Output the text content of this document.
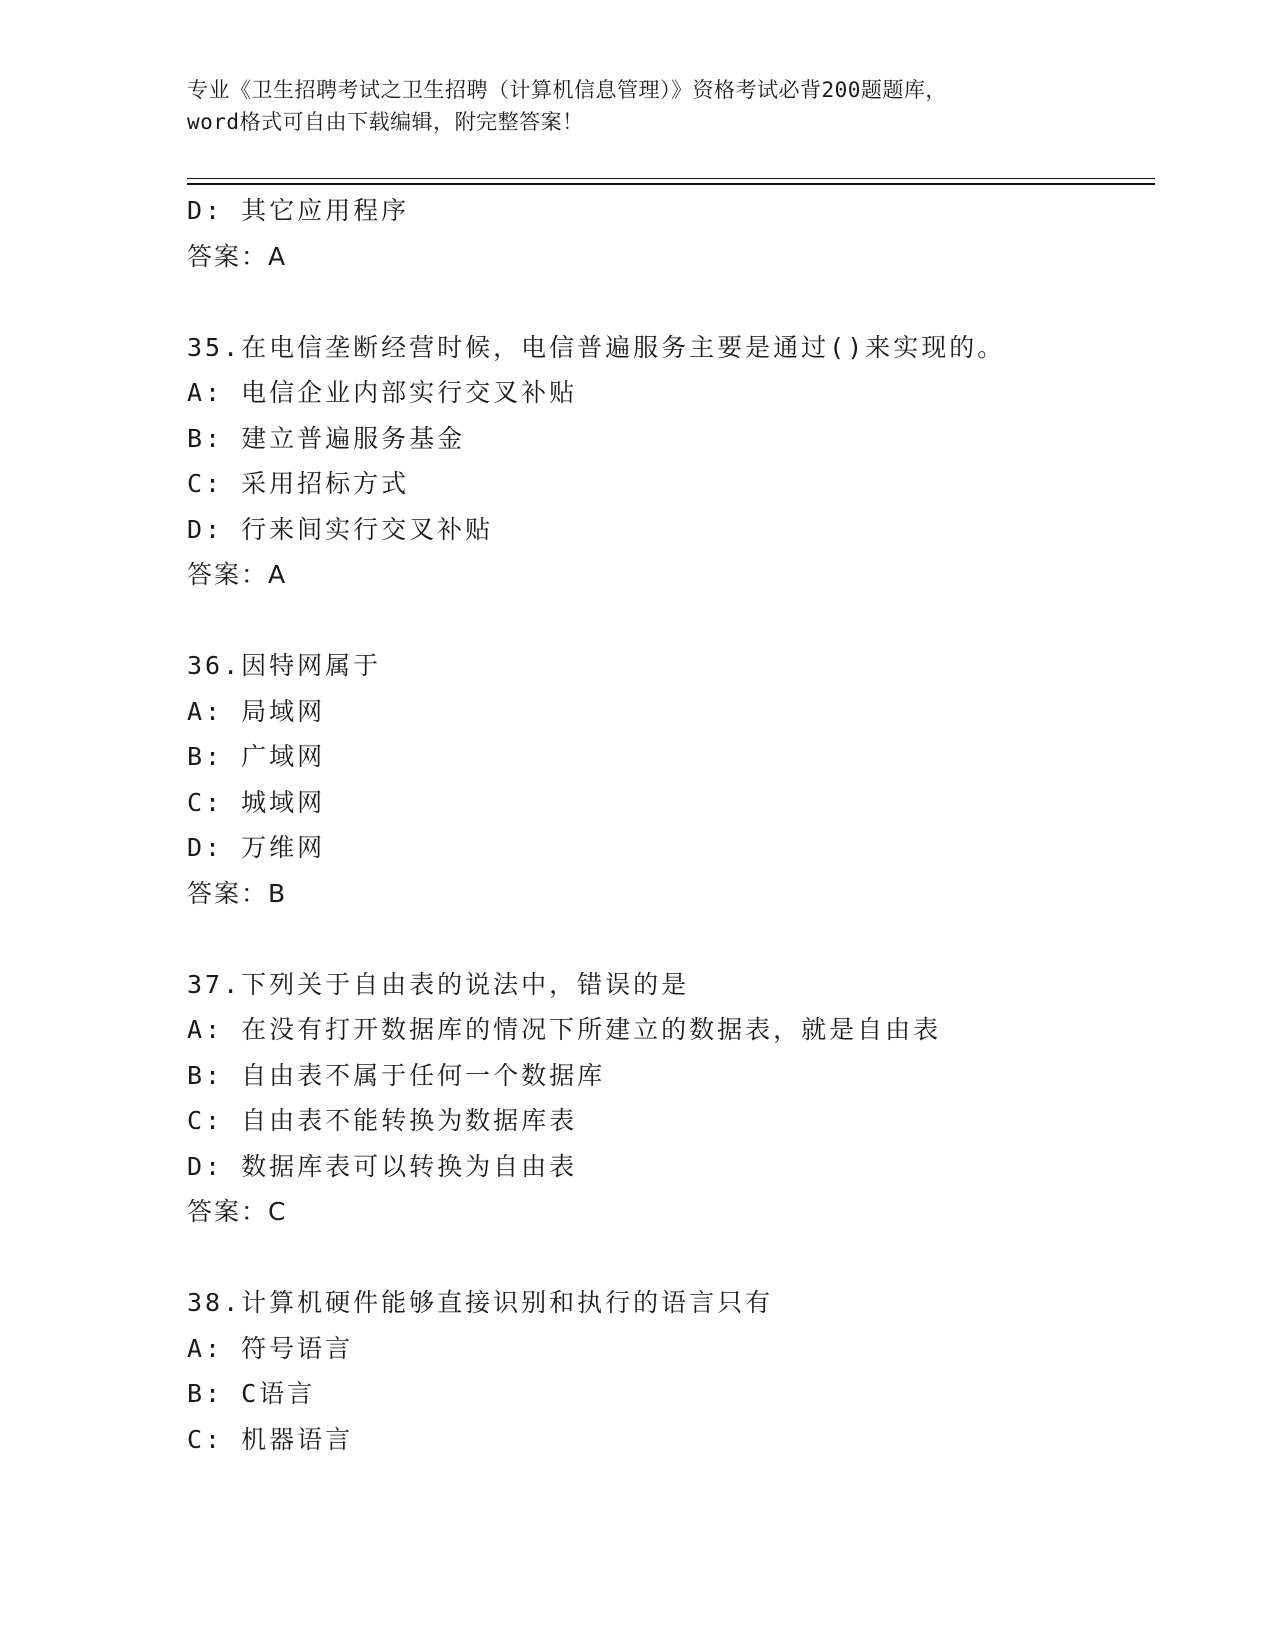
专业《卫生招聘考试之卫生招聘（计算机信息管理）》资格考试必背200题题库，

word格式可自由下载编辑，附完整答案！

D: 其它应用程序
答案：A
35.在电信垄断经营时候，电信普遍服务主要是通过()来实现的。
A: 电信企业内部实行交叉补贴
B: 建立普遍服务基金
C: 采用招标方式
D: 行来间实行交叉补贴
答案：A
36.因特网属于
A: 局域网
B: 广域网
C: 城域网
D: 万维网
答案：B
37.下列关于自由表的说法中，错误的是
A: 在没有打开数据库的情况下所建立的数据表，就是自由表
B: 自由表不属于任何一个数据库
C: 自由表不能转换为数据库表
D: 数据库表可以转换为自由表
答案：C
38.计算机硬件能够直接识别和执行的语言只有
A: 符号语言
B: C语言
C: 机器语言
